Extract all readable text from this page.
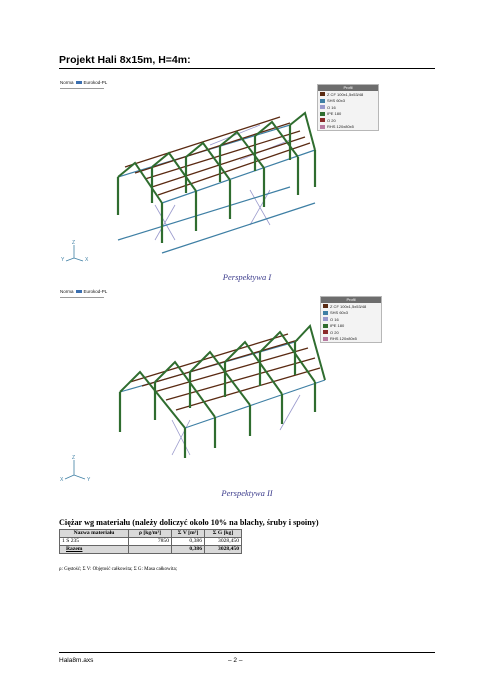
Projekt Hali 8x15m, H=4m:
Norma Eurokod-PL
Profil
Z CF 100x1,5x53/48
SHS 60x3
O 16
IPE 180
O 20
RHS 120x80x5
Z
Y	X
Perspektywa I
Norma Eurokod-PL
Profil
Z CF 100x1,5x53/48
SHS 60x3
O 16
IPE 180
O 20
RHS 120x80x5
Z
Y
X
Perspektywa II
Ciężar wg materiału (należy doliczyć około 10% na blachy, śruby i spoiny)
Nazwa materiału	ρ [kg/m³]	Σ V [m³]	Σ G [kg]
1 S 235	7850	0,386	3028,450
Razem		0,386	3028,450
ρ: Gęstość; Σ V: Objętość całkowita; Σ G: Masa całkowita;
Hala8m.axs	– 2 –
